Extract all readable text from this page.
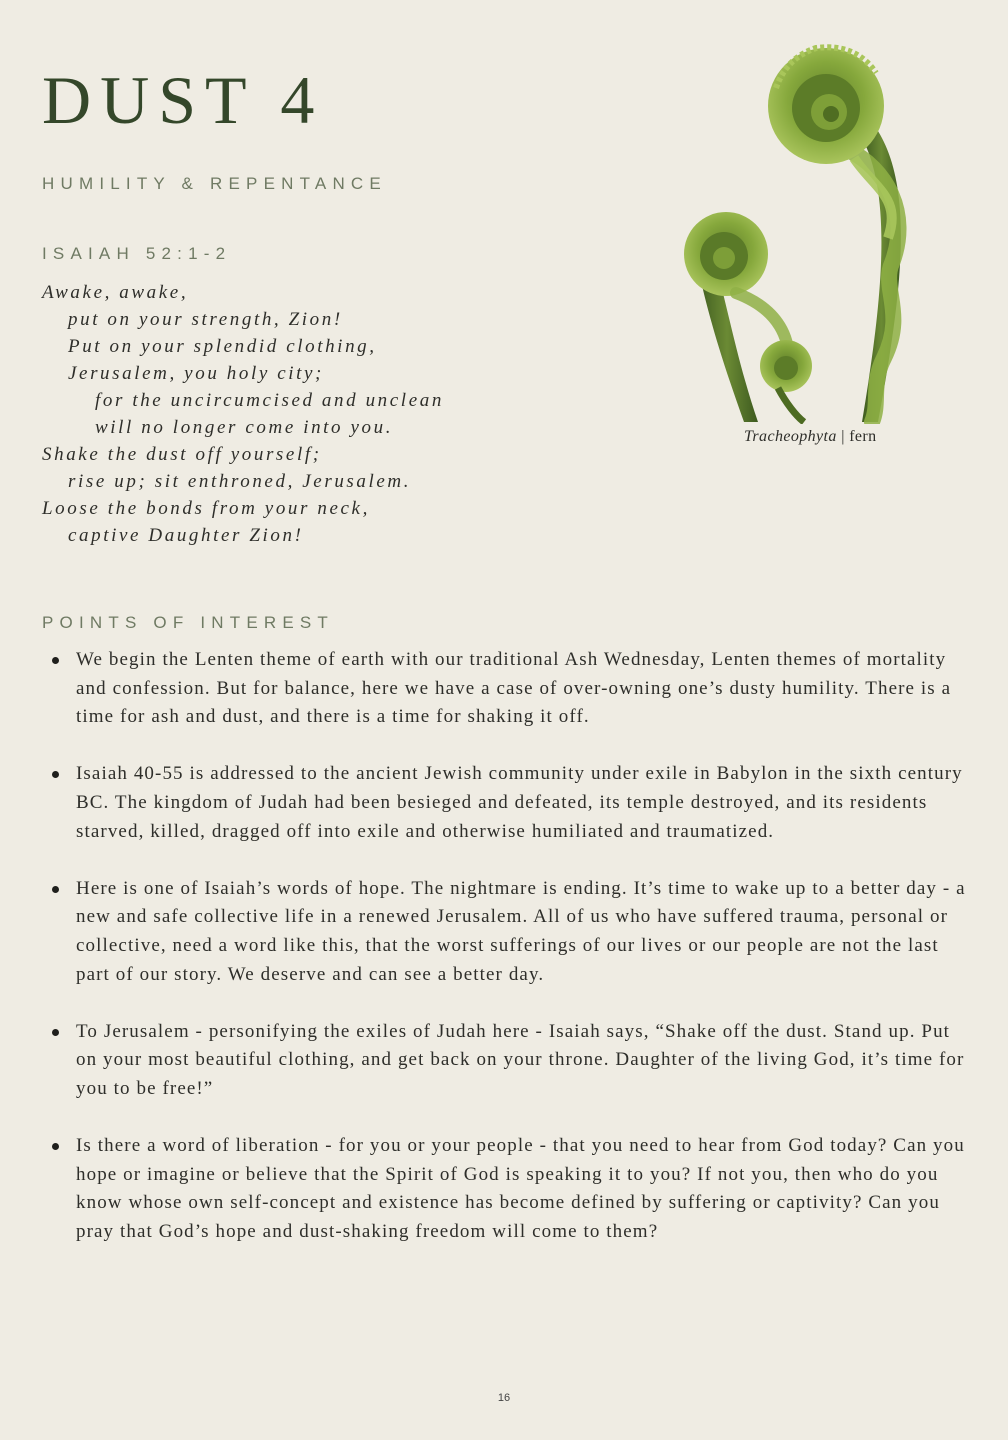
DUST 4
HUMILITY & REPENTANCE
ISAIAH 52:1-2
Awake, awake,
put on your strength, Zion!
Put on your splendid clothing,
Jerusalem, you holy city;
for the uncircumcised and unclean
will no longer come into you.
Shake the dust off yourself;
rise up; sit enthroned, Jerusalem.
Loose the bonds from your neck,
captive Daughter Zion!
Tracheophyta | fern
POINTS OF INTEREST
We begin the Lenten theme of earth with our traditional Ash Wednesday, Lenten themes of mortality and confession. But for balance, here we have a case of over-owning one’s dusty humility. There is a time for ash and dust, and there is a time for shaking it off.
Isaiah 40-55 is addressed to the ancient Jewish community under exile in Babylon in the sixth century BC. The kingdom of Judah had been besieged and defeated, its temple destroyed, and its residents starved, killed, dragged off into exile and otherwise humiliated and traumatized.
Here is one of Isaiah’s words of hope. The nightmare is ending. It’s time to wake up to a better day - a new and safe collective life in a renewed Jerusalem. All of us who have suffered trauma, personal or collective, need a word like this, that the worst sufferings of our lives or our people are not the last part of our story. We deserve and can see a better day.
To Jerusalem - personifying the exiles of Judah here - Isaiah says, “Shake off the dust. Stand up. Put on your most beautiful clothing, and get back on your throne. Daughter of the living God, it’s time for you to be free!”
Is there a word of liberation - for you or your people - that you need to hear from God today? Can you hope or imagine or believe that the Spirit of God is speaking it to you? If not you, then who do you know whose own self-concept and existence has become defined by suffering or captivity? Can you pray that God’s hope and dust-shaking freedom will come to them?
16
